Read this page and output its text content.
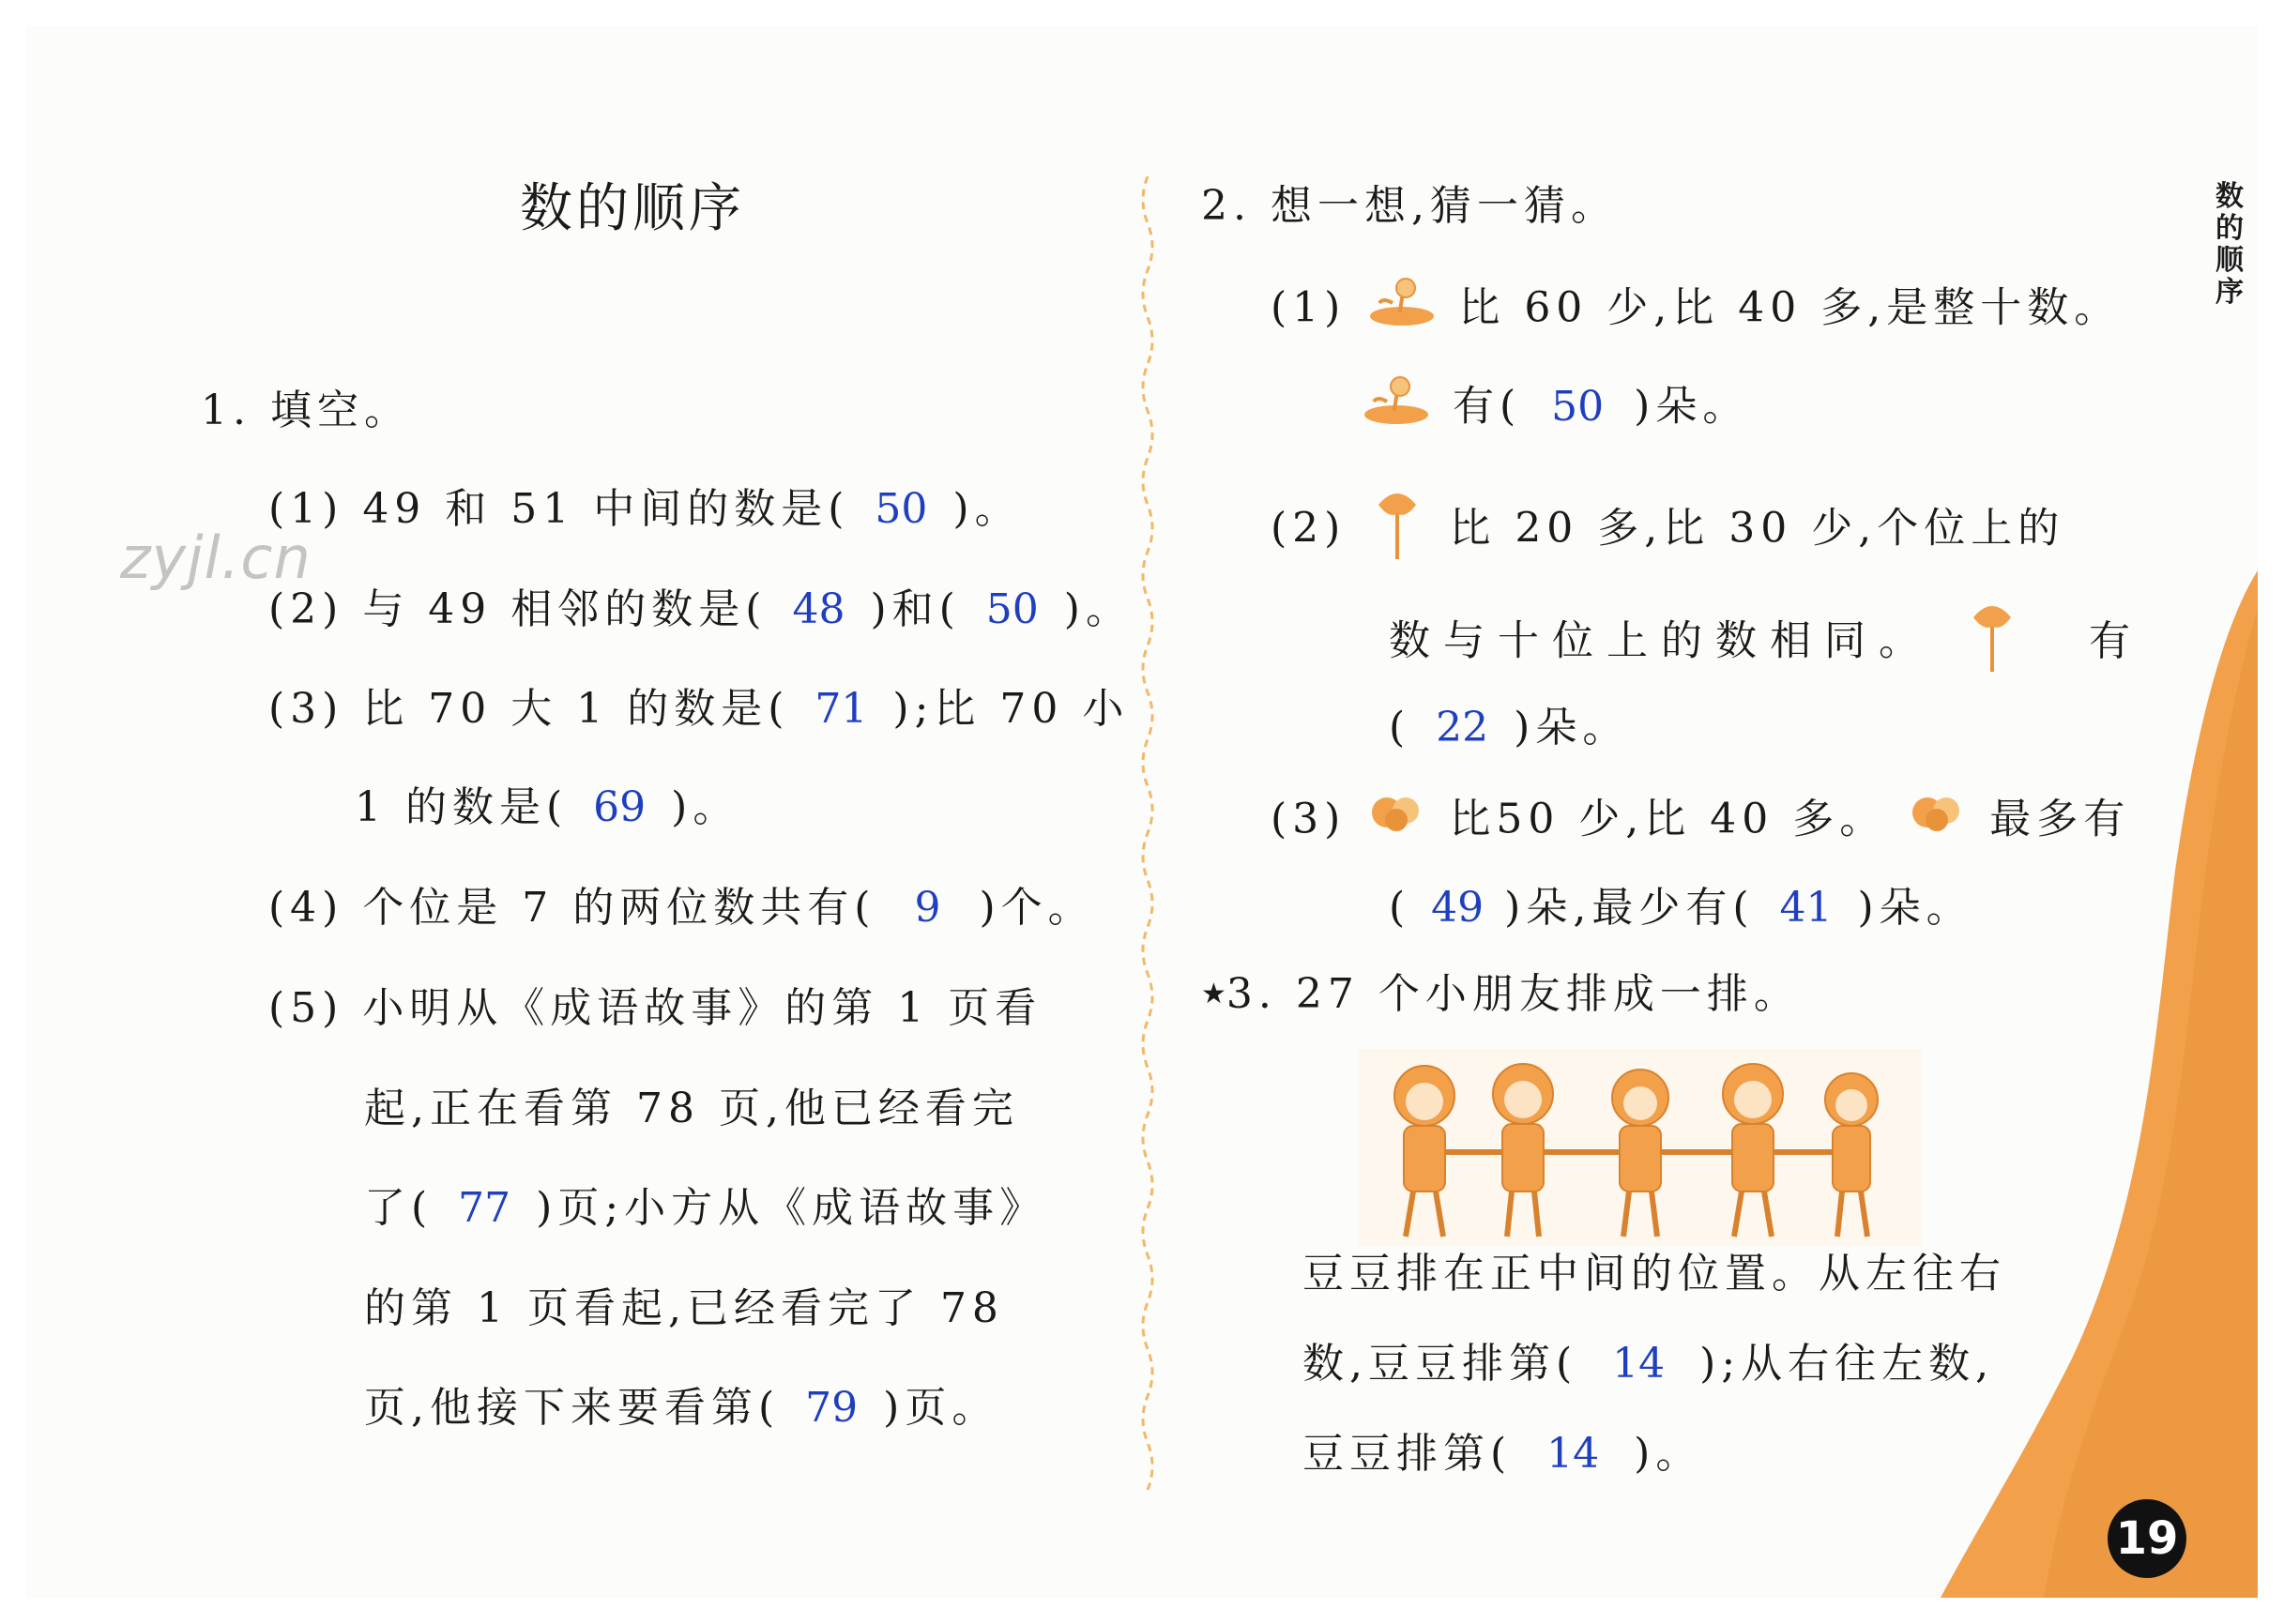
数的顺序	数的顺序
zyjl.cn
1. 填空。
(1) 49 和 51 中间的数是( 50 )。
(2) 与 49 相邻的数是( 48 )和( 50 )。
(3) 比 70 大 1 的数是( 71 );比 70 小
1 的数是( 69 )。
(4) 个位是 7 的两位数共有( 9 )个。
(5) 小明从《成语故事》的第 1 页看
起,正在看第 78 页,他已经看完
了( 77 )页;小方从《成语故事》
的第 1 页看起,已经看完了 78
页,他接下来要看第( 79 )页。
2. 想一想,猜一猜。
(1)	比 60 少,比 40 多,是整十数。
有( 50 )朵。
(2)	比 20 多,比 30 少,个位上的
数与十位上的数相同。	有
( 22 )朵。
(3)	比50 少,比 40 多。	最多有
( 49 )朵,最少有( 41 )朵。
★3. 27 个小朋友排成一排。
豆豆排在正中间的位置。从左往右
数,豆豆排第( 14 );从右往左数,
豆豆排第( 14 )。
19
